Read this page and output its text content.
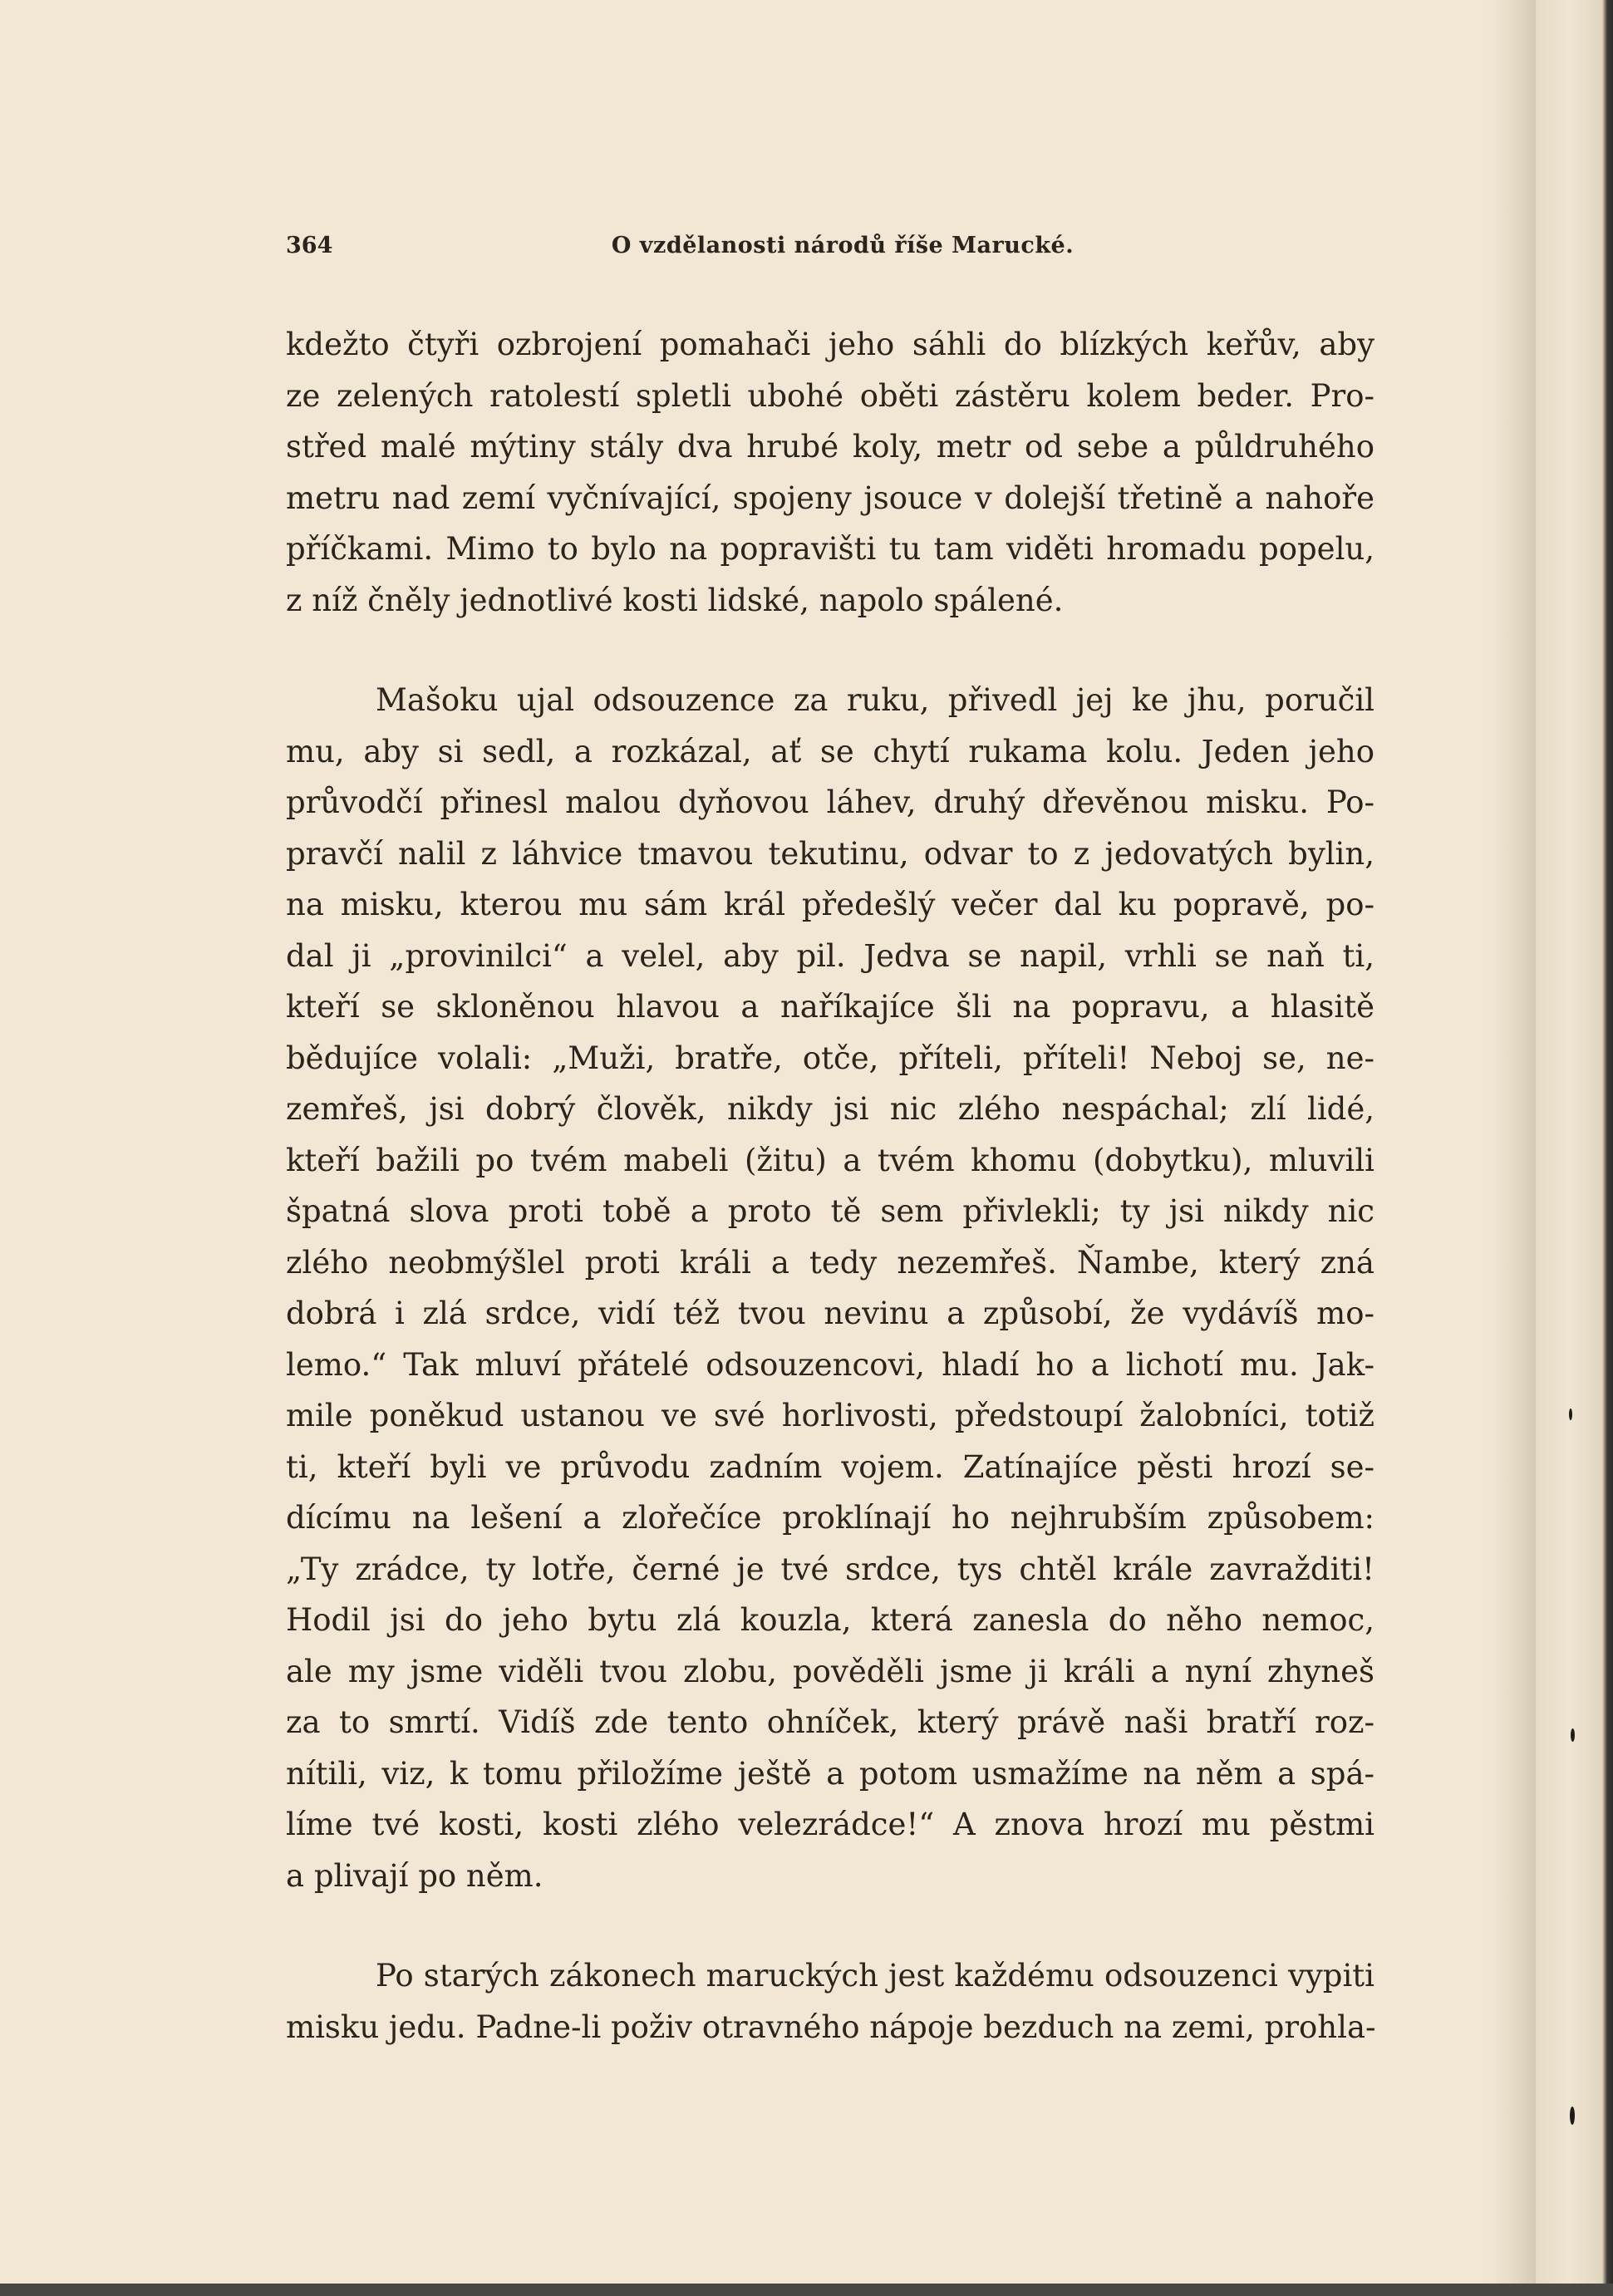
364	O vzdělanosti národů říše Marucké.
kdežto čtyři ozbrojení pomahači jeho sáhli do blízkých keřův, aby
ze zelených ratolestí spletli ubohé oběti zástěru kolem beder. Pro-
střed malé mýtiny stály dva hrubé koly, metr od sebe a půldruhého
metru nad zemí vyčnívající, spojeny jsouce v dolejší třetině a nahoře
příčkami. Mimo to bylo na popravišti tu tam viděti hromadu popelu,
z níž čněly jednotlivé kosti lidské, napolo spálené.
Mašoku ujal odsouzence za ruku, přivedl jej ke jhu, poručil
mu, aby si sedl, a rozkázal, ať se chytí rukama kolu. Jeden jeho
průvodčí přinesl malou dyňovou láhev, druhý dřevěnou misku. Po-
pravčí nalil z láhvice tmavou tekutinu, odvar to z jedovatých bylin,
na misku, kterou mu sám král předešlý večer dal ku popravě, po-
dal ji „provinilci“ a velel, aby pil. Jedva se napil, vrhli se naň ti,
kteří se skloněnou hlavou a naříkajíce šli na popravu, a hlasitě
bědujíce volali: „Muži, bratře, otče, příteli, příteli! Neboj se, ne-
zemřeš, jsi dobrý člověk, nikdy jsi nic zlého nespáchal; zlí lidé,
kteří bažili po tvém mabeli (žitu) a tvém khomu (dobytku), mluvili
špatná slova proti tobě a proto tě sem přivlekli; ty jsi nikdy nic
zlého neobmýšlel proti králi a tedy nezemřeš. Ňambe, který zná
dobrá i zlá srdce, vidí též tvou nevinu a způsobí, že vydávíš mo-
lemo.“ Tak mluví přátelé odsouzencovi, hladí ho a lichotí mu. Jak-
mile poněkud ustanou ve své horlivosti, předstoupí žalobníci, totiž
ti, kteří byli ve průvodu zadním vojem. Zatínajíce pěsti hrozí se-
dícímu na lešení a zlořečíce proklínají ho nejhrubším způsobem:
„Ty zrádce, ty lotře, černé je tvé srdce, tys chtěl krále zavražditi!
Hodil jsi do jeho bytu zlá kouzla, která zanesla do něho nemoc,
ale my jsme viděli tvou zlobu, pověděli jsme ji králi a nyní zhyneš
za to smrtí. Vidíš zde tento ohníček, který právě naši bratří roz-
nítili, viz, k tomu přiložíme ještě a potom usmažíme na něm a spá-
líme tvé kosti, kosti zlého velezrádce!“ A znova hrozí mu pěstmi
a plivají po něm.
Po starých zákonech maruckých jest každému odsouzenci vypiti
misku jedu. Padne-li poživ otravného nápoje bezduch na zemi, prohla-
